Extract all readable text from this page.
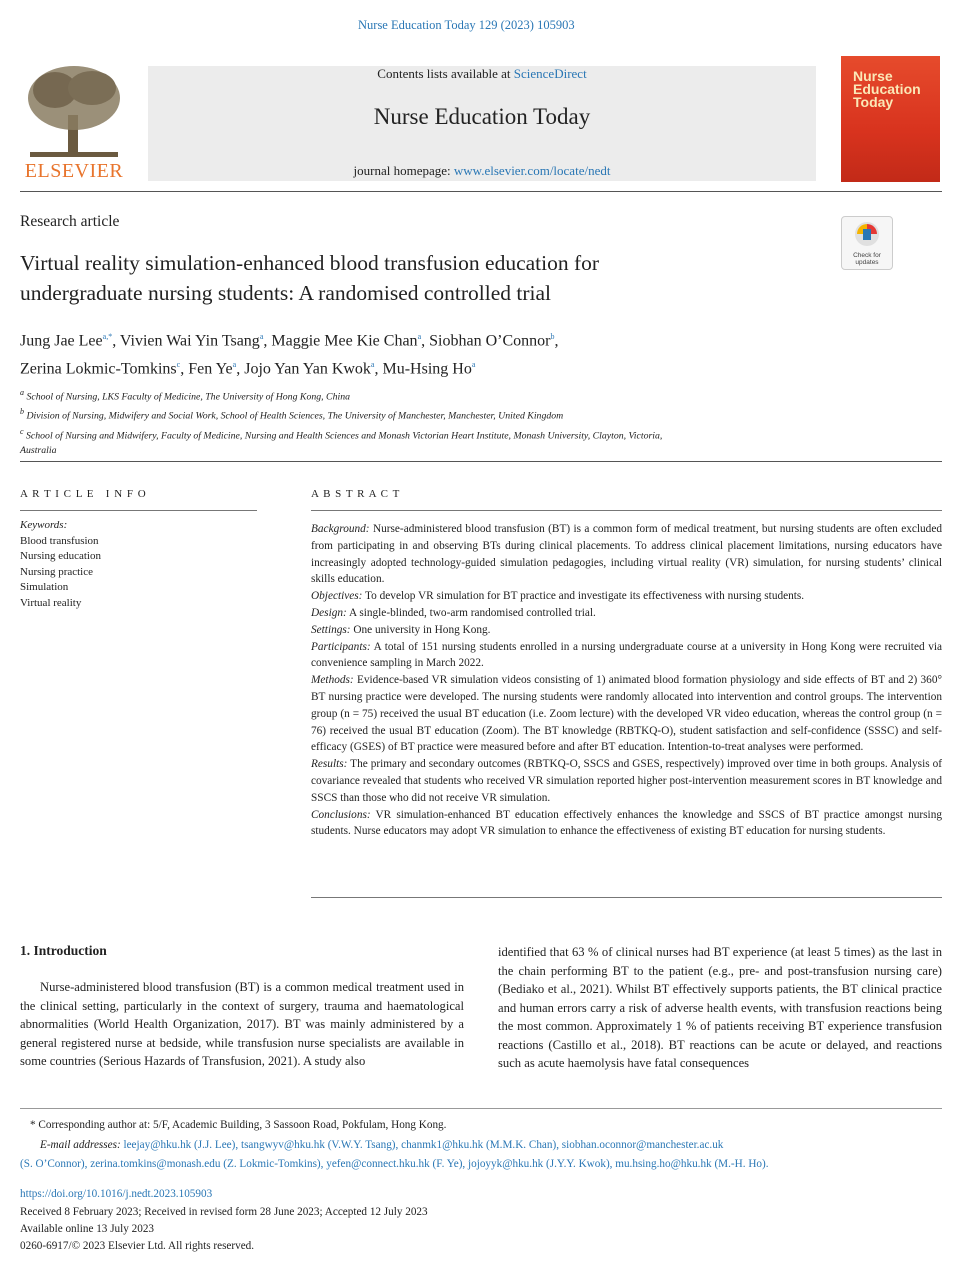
Nurse Education Today 129 (2023) 105903
ELSEVIER
Contents lists available at ScienceDirect
Nurse Education Today
journal homepage: www.elsevier.com/locate/nedt
Nurse Education Today
Check for
updates
Research article
Virtual reality simulation-enhanced blood transfusion education for
undergraduate nursing students: A randomised controlled trial
Jung Jae Lee$^{a,*}$, Vivien Wai Yin Tsang$^a$, Maggie Mee Kie Chan$^a$, Siobhan O’Connor$^b$,
Zerina Lokmic-Tomkins$^c$, Fen Ye$^a$, Jojo Yan Yan Kwok$^a$, Mu-Hsing Ho$^a$
$^a$ School of Nursing, LKS Faculty of Medicine, The University of Hong Kong, China
$^b$ Division of Nursing, Midwifery and Social Work, School of Health Sciences, The University of Manchester, Manchester, United Kingdom
$^c$ School of Nursing and Midwifery, Faculty of Medicine, Nursing and Health Sciences and Monash Victorian Heart Institute, Monash University, Clayton, Victoria,
Australia
A R T I C L E   I N F O
Keywords:
Blood transfusion
Nursing education
Nursing practice
Simulation
Virtual reality
A B S T R A C T

Background: Nurse-administered blood transfusion (BT) is a common form of medical treatment, but nursing students are often excluded from participating in and observing BTs during clinical placements. To address clinical placement limitations, nursing educators have increasingly adopted technology-guided simulation pedagogies, including virtual reality (VR) simulation, for nursing students’ clinical skills education.

Objectives: To develop VR simulation for BT practice and investigate its effectiveness with nursing students.

Design: A single-blinded, two-arm randomised controlled trial.

Settings: One university in Hong Kong.

Participants: A total of 151 nursing students enrolled in a nursing undergraduate course at a university in Hong Kong were recruited via convenience sampling in March 2022.

Methods: Evidence-based VR simulation videos consisting of 1) animated blood formation physiology and side effects of BT and 2) 360° BT nursing practice were developed. The nursing students were randomly allocated into intervention and control groups. The intervention group (n = 75) received the usual BT education (i.e. Zoom lecture) with the developed VR video education, whereas the control group (n = 76) received the usual BT education (Zoom). The BT knowledge (RBTKQ-O), student satisfaction and self-confidence (SSSC) and self-efficacy (GSES) of BT practice were measured before and after BT education. Intention-to-treat analyses were performed.

Results: The primary and secondary outcomes (RBTKQ-O, SSCS and GSES, respectively) improved over time in both groups. Analysis of covariance revealed that students who received VR simulation reported higher post-intervention measurement scores in BT knowledge and SSCS than those who did not receive VR simulation.

Conclusions: VR simulation-enhanced BT education effectively enhances the knowledge and SSCS of BT practice amongst nursing students. Nurse educators may adopt VR simulation to enhance the effectiveness of existing BT education for nursing students.

1. Introduction
Nurse-administered blood transfusion (BT) is a common medical treatment used in the clinical setting, particularly in the context of surgery, trauma and haematological abnormalities (World Health Organization, 2017). BT was mainly administered by a general registered nurse at bedside, while transfusion nurse specialists are available in some countries (Serious Hazards of Transfusion, 2021). A study also
identified that 63 % of clinical nurses had BT experience (at least 5 times) as the last in the chain performing BT to the patient (e.g., pre- and post-transfusion nursing care) (Bediako et al., 2021). Whilst BT effectively supports patients, the BT clinical practice and human errors carry a risk of adverse health events, with transfusion reactions being the most common. Approximately 1 % of patients receiving BT experience transfusion reactions (Castillo et al., 2018). BT reactions can be acute or delayed, and reactions such as acute haemolysis have fatal consequences
* Corresponding author at: 5/F, Academic Building, 3 Sassoon Road, Pokfulam, Hong Kong.
E-mail addresses: leejay@hku.hk (J.J. Lee), tsangwyv@hku.hk (V.W.Y. Tsang), chanmk1@hku.hk (M.M.K. Chan), siobhan.oconnor@manchester.ac.uk
(S. O’Connor), zerina.tomkins@monash.edu (Z. Lokmic-Tomkins), yefen@connect.hku.hk (F. Ye), jojoyyk@hku.hk (J.Y.Y. Kwok), mu.hsing.ho@hku.hk (M.-H. Ho).
https://doi.org/10.1016/j.nedt.2023.105903
Received 8 February 2023; Received in revised form 28 June 2023; Accepted 12 July 2023
Available online 13 July 2023
0260-6917/© 2023 Elsevier Ltd. All rights reserved.
